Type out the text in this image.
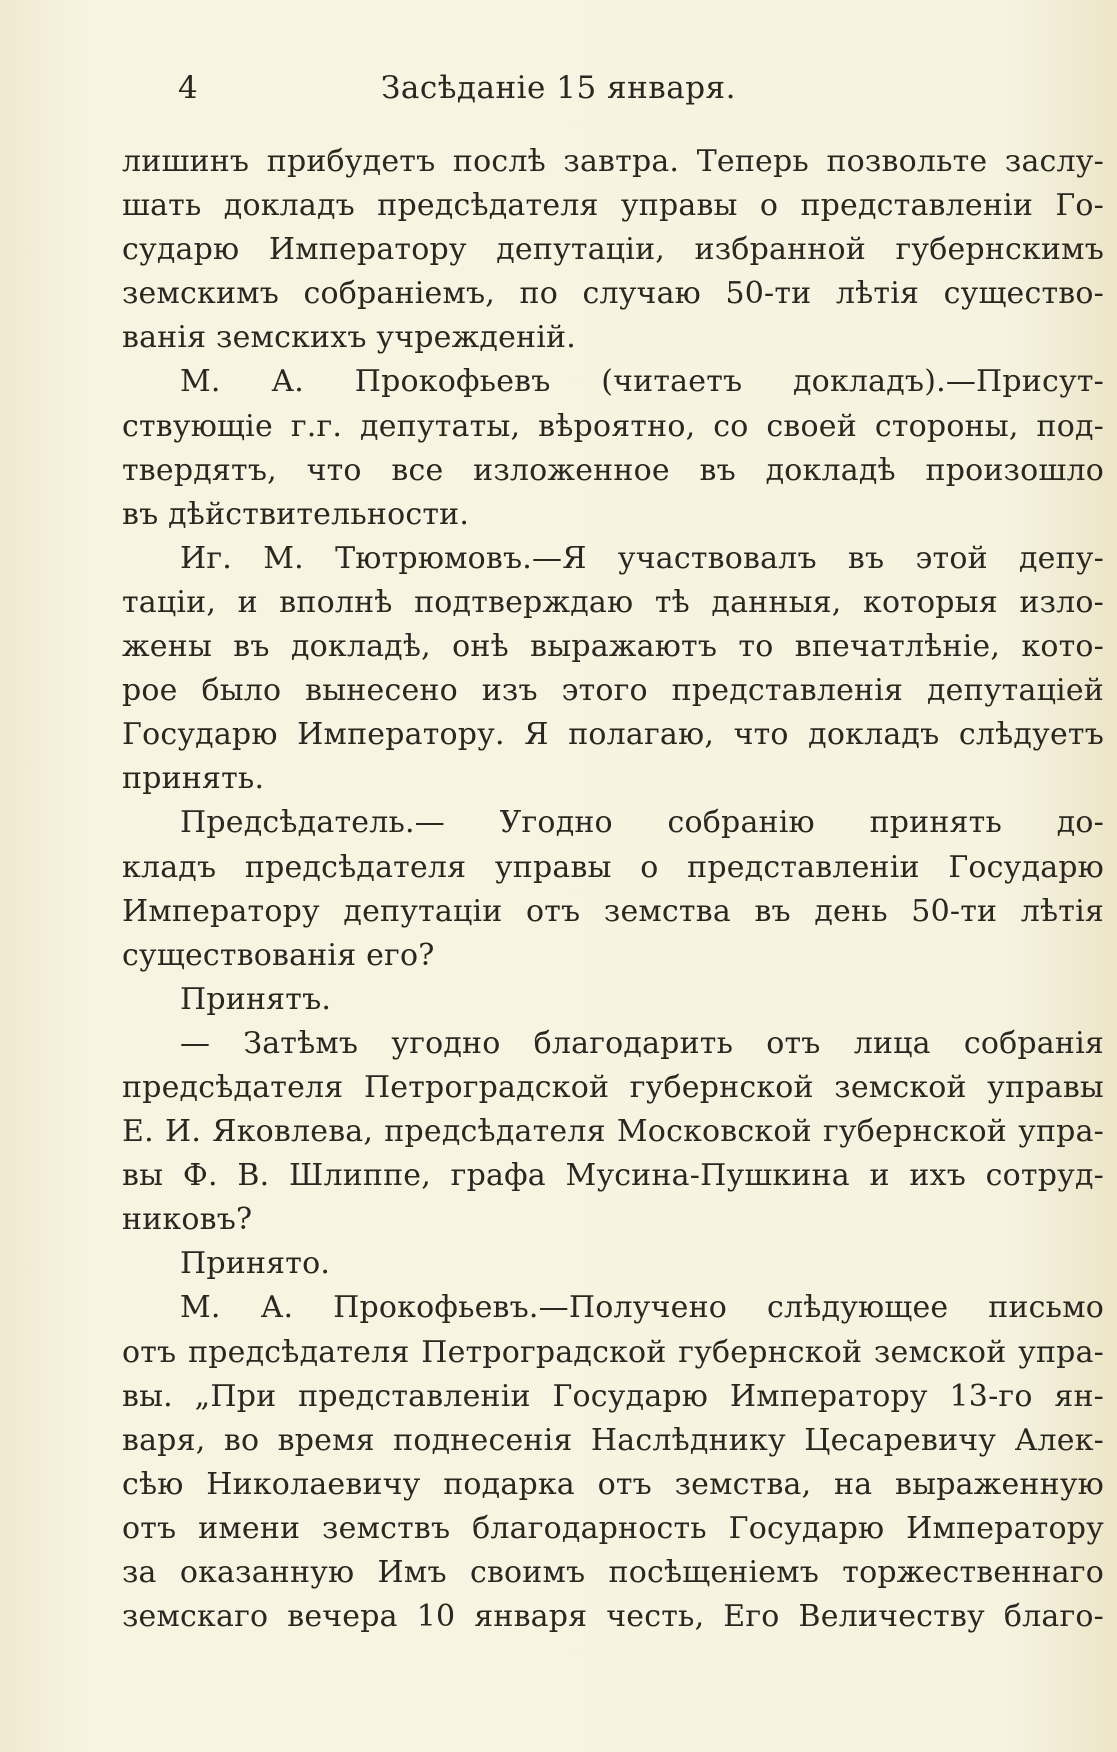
4	Засѣданіе 15 января.
лишинъ прибудетъ послѣ завтра. Теперь позвольте заслу-
шать докладъ предсѣдателя управы о представленіи Го-
сударю Императору депутаціи, избранной губернскимъ
земскимъ собраніемъ, по случаю 50-ти лѣтія существо-
ванія земскихъ учрежденій.
М. А. Прокофьевъ (читаетъ докладъ).—Присут-
ствующіе г.г. депутаты, вѣроятно, со своей стороны, под-
твердятъ, что все изложенное въ докладѣ произошло
въ дѣйствительности.
Иг. М. Тютрюмовъ.—Я участвовалъ въ этой депу-
таціи, и вполнѣ подтверждаю тѣ данныя, которыя изло-
жены въ докладѣ, онѣ выражаютъ то впечатлѣніе, кото-
рое было вынесено изъ этого представленія депутаціей
Государю Императору. Я полагаю, что докладъ слѣдуетъ
принять.
Предсѣдатель.— Угодно собранію принять до-
кладъ предсѣдателя управы о представленіи Государю
Императору депутаціи отъ земства въ день 50-ти лѣтія
существованія его?
Принятъ.
— Затѣмъ угодно благодарить отъ лица собранія
предсѣдателя Петроградской губернской земской управы
Е. И. Яковлева, предсѣдателя Московской губернской упра-
вы Ф. В. Шлиппе, графа Мусина-Пушкина и ихъ сотруд-
никовъ?
Принято.
М. А. Прокофьевъ.—Получено слѣдующее письмо
отъ предсѣдателя Петроградской губернской земской упра-
вы. „При представленіи Государю Императору 13-го ян-
варя, во время поднесенія Наслѣднику Цесаревичу Алек-
сѣю Николаевичу подарка отъ земства, на выраженную
отъ имени земствъ благодарность Государю Императору
за оказанную Имъ своимъ посѣщеніемъ торжественнаго
земскаго вечера 10 января честь, Его Величеству благо-
